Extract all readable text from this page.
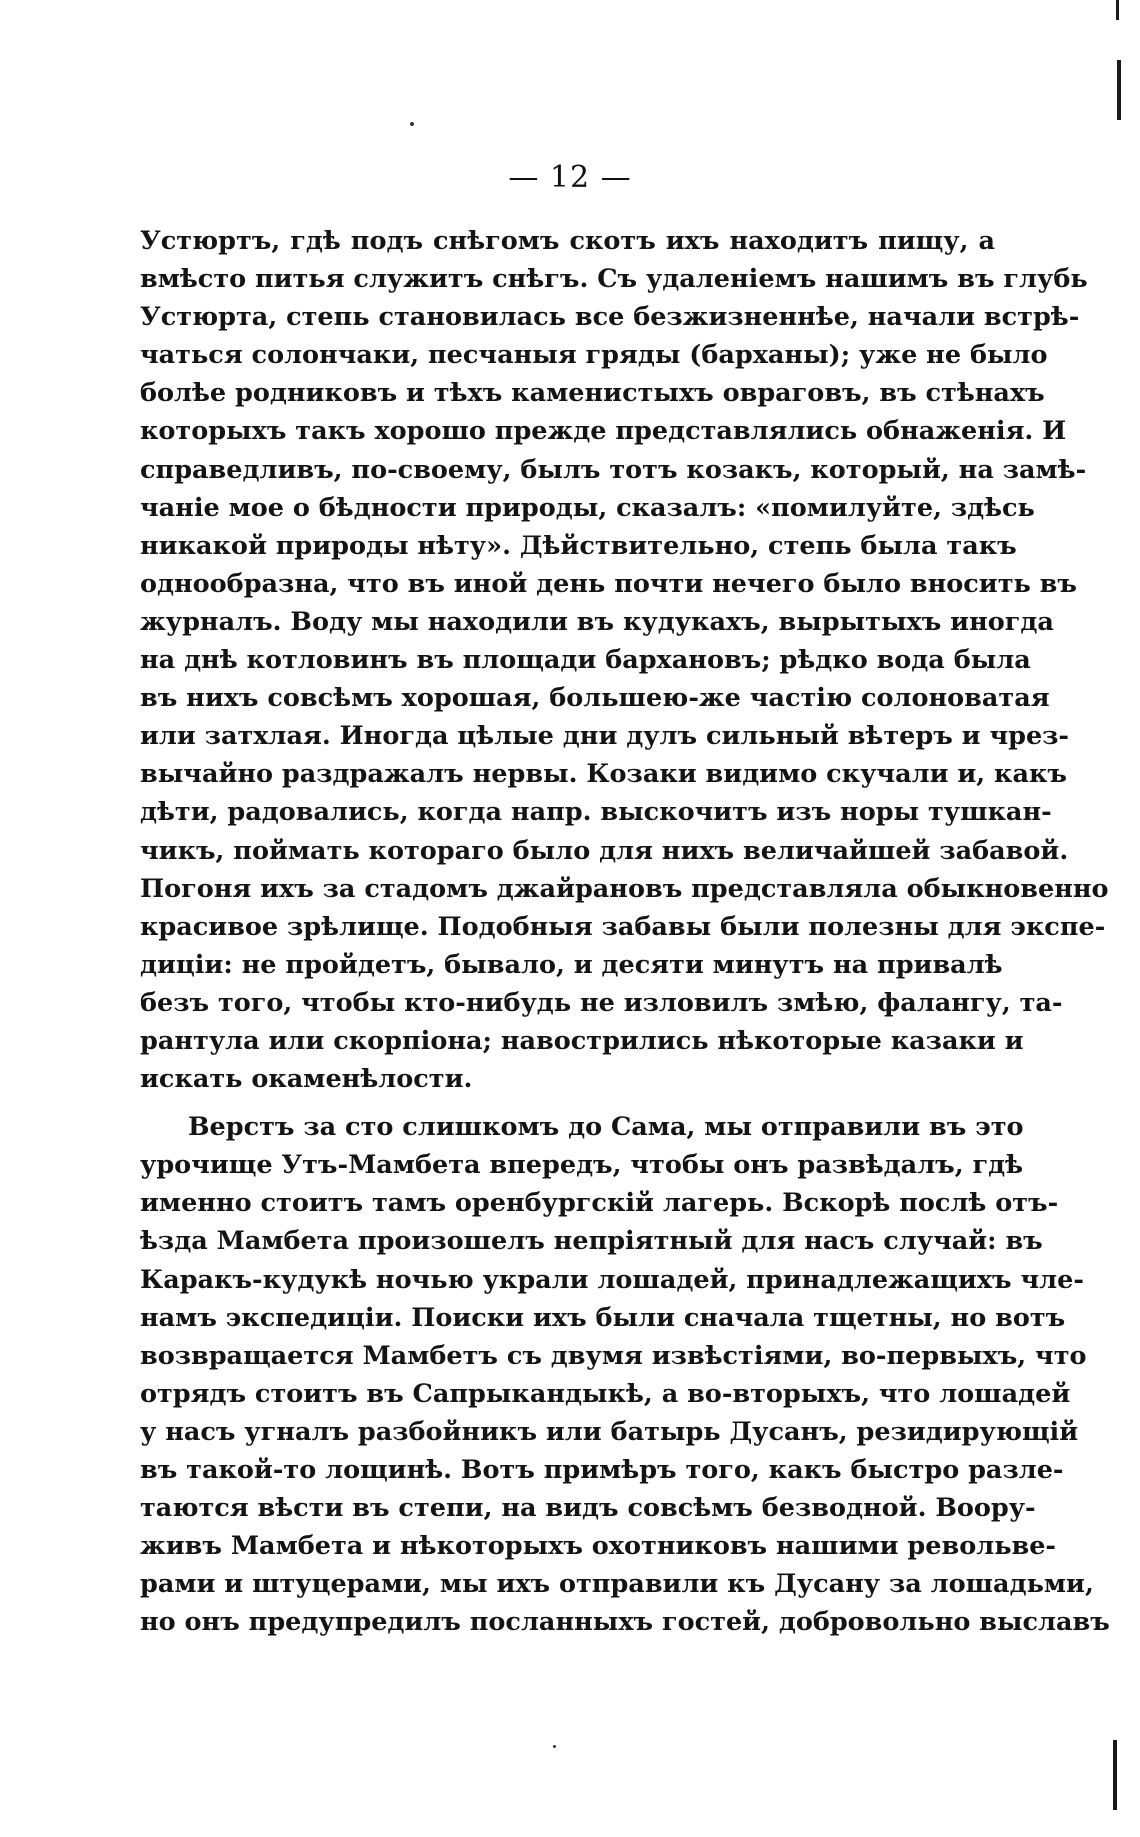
— 12 —
Устюртъ, гдѣ подъ снѣгомъ скотъ ихъ находитъ пищу, а
вмѣсто питья служитъ снѣгъ. Съ удаленіемъ нашимъ въ глубь
Устюрта, степь становилась все безжизненнѣе, начали встрѣ-
чаться солончаки, песчаныя гряды (барханы); уже не было
болѣе родниковъ и тѣхъ каменистыхъ овраговъ, въ стѣнахъ
которыхъ такъ хорошо прежде представлялись обнаженія. И
справедливъ, по-своему, былъ тотъ козакъ, который, на замѣ-
чаніе мое о бѣдности природы, сказалъ: «помилуйте, здѣсь
никакой природы нѣту». Дѣйствительно, степь была такъ
однообразна, что въ иной день почти нечего было вносить въ
журналъ. Воду мы находили въ кудукахъ, вырытыхъ иногда
на днѣ котловинъ въ площади бархановъ; рѣдко вода была
въ нихъ совсѣмъ хорошая, большею-же частію солоноватая
или затхлая. Иногда цѣлые дни дулъ сильный вѣтеръ и чрез-
вычайно раздражалъ нервы. Козаки видимо скучали и, какъ
дѣти, радовались, когда напр. выскочитъ изъ норы тушкан-
чикъ, поймать котораго было для нихъ величайшей забавой.
Погоня ихъ за стадомъ джайрановъ представляла обыкновенно
красивое зрѣлище. Подобныя забавы были полезны для экспе-
диціи: не пройдетъ, бывало, и десяти минутъ на привалѣ
безъ того, чтобы кто-нибудь не изловилъ змѣю, фалангу, та-
рантула или скорпіона; навострились нѣкоторые казаки и
искать окаменѣлости.
Верстъ за сто слишкомъ до Сама, мы отправили въ это
урочище Утъ-Мамбета впередъ, чтобы онъ развѣдалъ, гдѣ
именно стоитъ тамъ оренбургскій лагерь. Вскорѣ послѣ отъ-
ѣзда Мамбета произошелъ непріятный для насъ случай: въ
Каракъ-кудукѣ ночью украли лошадей, принадлежащихъ чле-
намъ экспедиціи. Поиски ихъ были сначала тщетны, но вотъ
возвращается Мамбетъ съ двумя извѣстіями, во-первыхъ, что
отрядъ стоитъ въ Сапрыкандыкѣ, а во-вторыхъ, что лошадей
у насъ угналъ разбойникъ или батырь Дусанъ, резидирующій
въ такой-то лощинѣ. Вотъ примѣръ того, какъ быстро разле-
таются вѣсти въ степи, на видъ совсѣмъ безводной. Воору-
живъ Мамбета и нѣкоторыхъ охотниковъ нашими револьве-
рами и штуцерами, мы ихъ отправили къ Дусану за лошадьми,
но онъ предупредилъ посланныхъ гостей, добровольно выславъ
